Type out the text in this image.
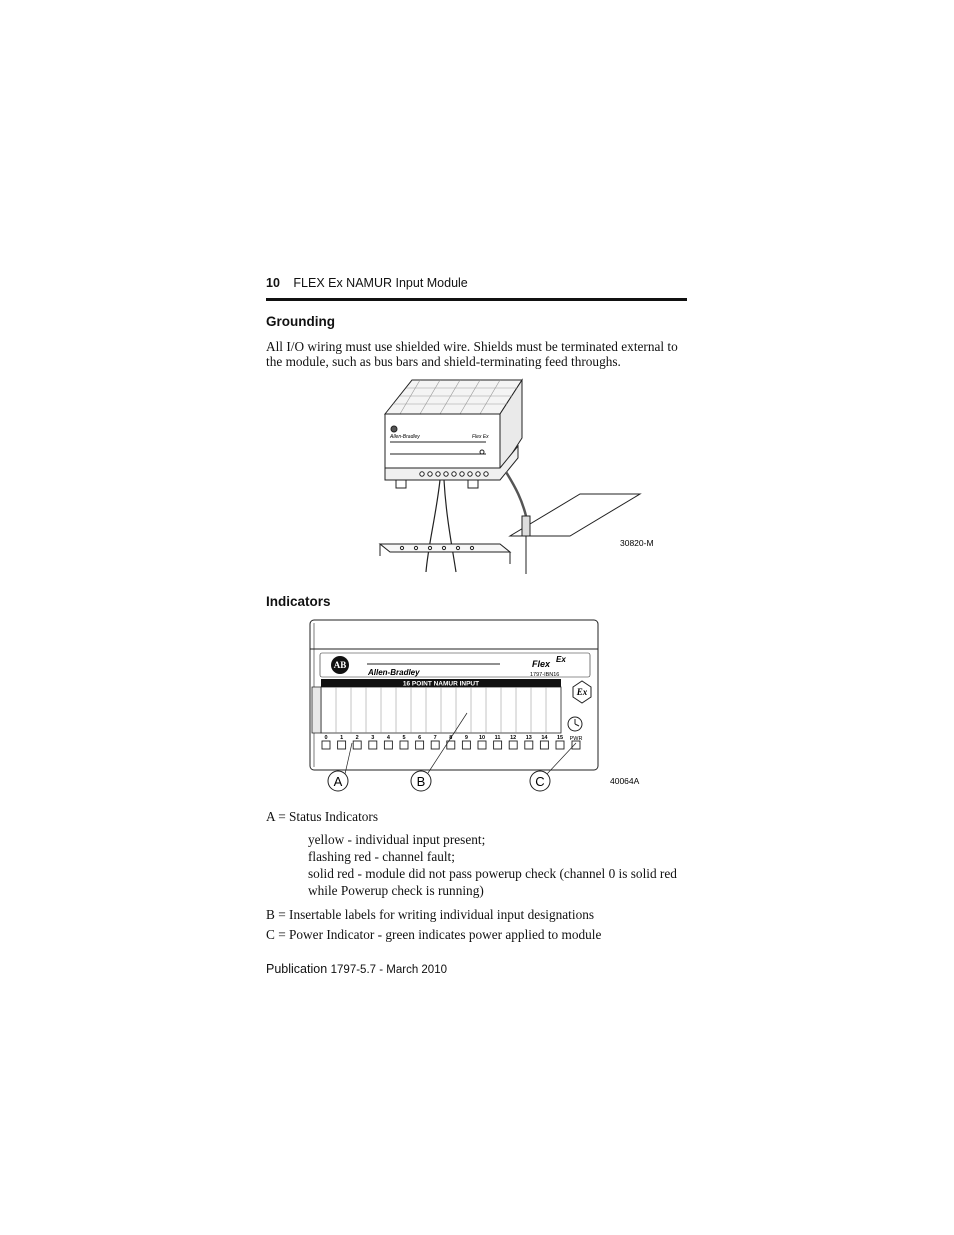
10 FLEX Ex NAMUR Input Module
Grounding
All I/O wiring must use shielded wire. Shields must be terminated external to the module, such as bus bars and shield-terminating feed throughs.
Allen-Bradley	Flex Ex
30820-M
Indicators
AB
Allen-Bradley
Flex Ex
1797-IBN16
16 POINT NAMUR INPUT
Ex
0 1 2 3 4 5 6 7 8 9 10 11 12 13 14 15 PWR
A	B	C	40064A

A = Status Indicators

yellow - individual input present;

flashing red - channel fault;

solid red - module did not pass powerup check (channel 0 is solid red while Powerup check is running)

B = Insertable labels for writing individual input designations

C = Power Indicator - green indicates power applied to module

Publication 1797-5.7 - March 2010
